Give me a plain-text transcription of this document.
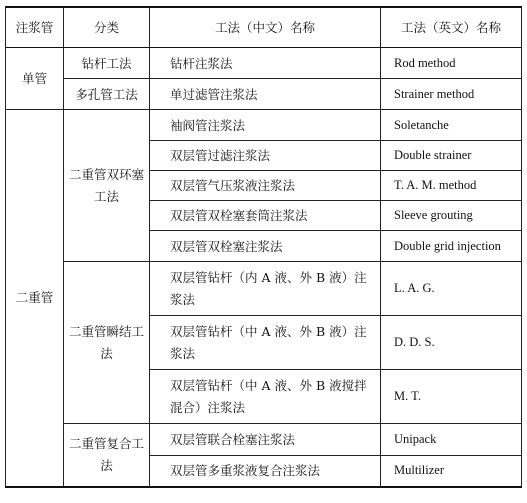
注浆管	分类	工法（中文）名称	工法（英文）名称
单管	钻杆工法	钻杆注浆法	Rod method
	多孔管工法	单过滤管注浆法	Strainer method
二重管	二重管双环塞工法	袖阀管注浆法	Soletanche
		双层管过滤注浆法	Double strainer
		双层管气压浆液注浆法	T. A. M. method
		双层管双栓塞套筒注浆法	Sleeve grouting
		双层管双栓塞注浆法	Double grid injection
	二重管瞬结工法	双层管钻杆（内 A 液、外 B 液）注浆法	L. A. G.
		双层管钻杆（中 A 液、外 B 液）注浆法	D. D. S.
		双层管钻杆（中 A 液、外 B 液搅拌混合）注浆法	M. T.
	二重管复合工法	双层管联合栓塞注浆法	Unipack
		双层管多重浆液复合注浆法	Multilizer
